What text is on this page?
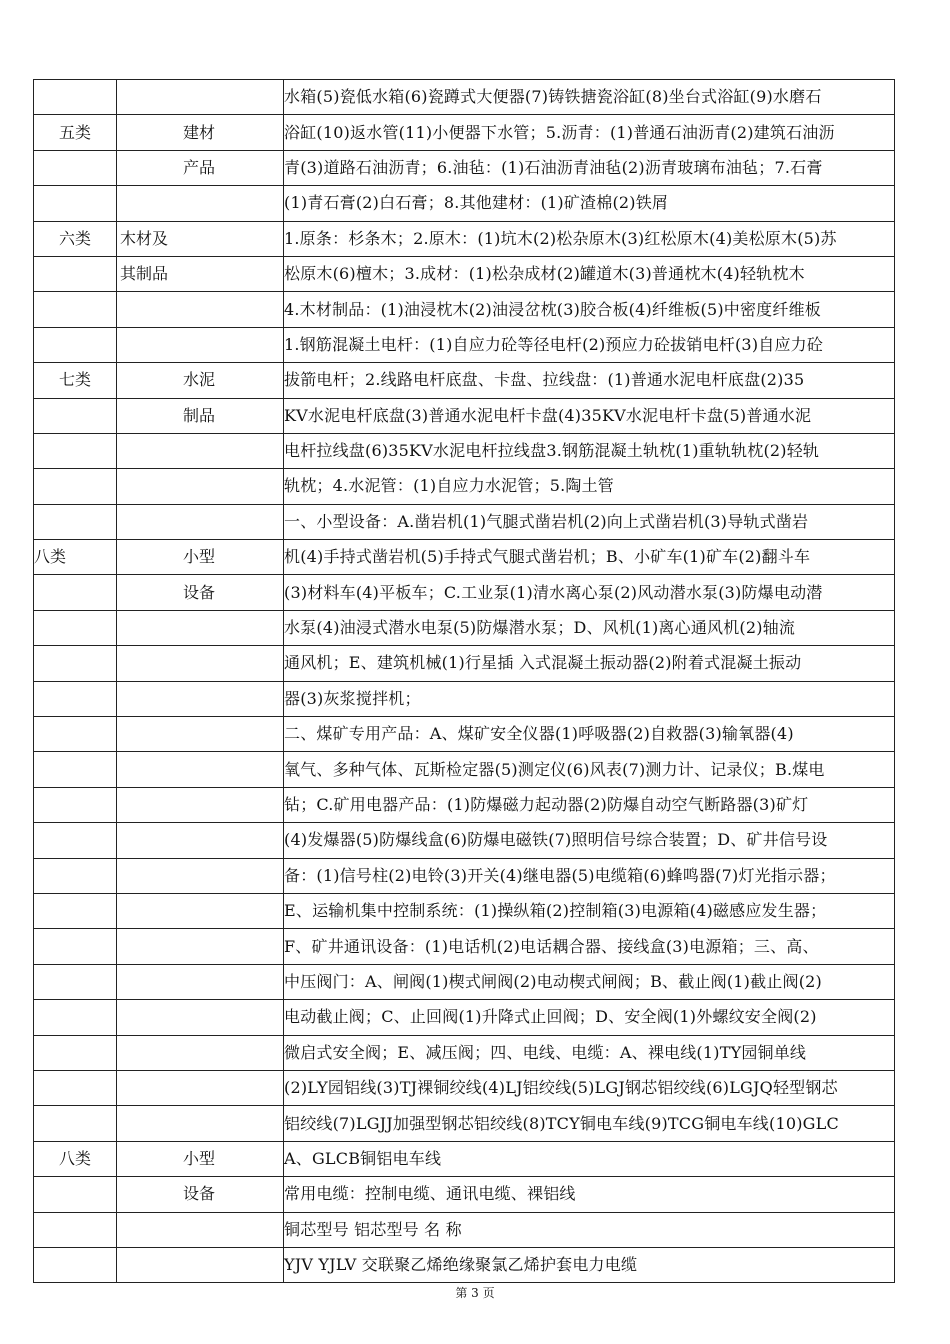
		水箱(5)瓷低水箱(6)瓷蹲式大便器(7)铸铁搪瓷浴缸(8)坐台式浴缸(9)水磨石
五类	建材	浴缸(10)返水管(11)小便器下水管；5.沥青：(1)普通石油沥青(2)建筑石油沥
	产品	青(3)道路石油沥青；6.油毡：(1)石油沥青油毡(2)沥青玻璃布油毡；7.石膏
		(1)青石膏(2)白石膏；8.其他建材：(1)矿渣棉(2)铁屑
六类	木材及	1.原条：杉条木；2.原木：(1)坑木(2)松杂原木(3)红松原木(4)美松原木(5)苏
	其制品	松原木(6)檀木；3.成材：(1)松杂成材(2)罐道木(3)普通枕木(4)轻轨枕木
		4.木材制品：(1)油浸枕木(2)油浸岔枕(3)胶合板(4)纤维板(5)中密度纤维板
		1.钢筋混凝土电杆：(1)自应力砼等径电杆(2)预应力砼拔销电杆(3)自应力砼
七类	水泥	拔箭电杆；2.线路电杆底盘、卡盘、拉线盘：(1)普通水泥电杆底盘(2)35
	制品	KV水泥电杆底盘(3)普通水泥电杆卡盘(4)35KV水泥电杆卡盘(5)普通水泥
		电杆拉线盘(6)35KV水泥电杆拉线盘3.钢筋混凝土轨枕(1)重轨轨枕(2)轻轨
		轨枕；4.水泥管：(1)自应力水泥管；5.陶土管
		一、小型设备：A.凿岩机(1)气腿式凿岩机(2)向上式凿岩机(3)导轨式凿岩
八类	小型	机(4)手持式凿岩机(5)手持式气腿式凿岩机；B、小矿车(1)矿车(2)翻斗车
	设备	(3)材料车(4)平板车；C.工业泵(1)清水离心泵(2)风动潜水泵(3)防爆电动潜
		水泵(4)油浸式潜水电泵(5)防爆潜水泵；D、风机(1)离心通风机(2)轴流
		通风机；E、建筑机械(1)行星插 入式混凝土振动器(2)附着式混凝土振动
		器(3)灰浆搅拌机；
		二、煤矿专用产品：A、煤矿安全仪器(1)呼吸器(2)自救器(3)输氧器(4)
		氧气、多种气体、瓦斯检定器(5)测定仪(6)风表(7)测力计、记录仪；B.煤电
		钻；C.矿用电器产品：(1)防爆磁力起动器(2)防爆自动空气断路器(3)矿灯
		(4)发爆器(5)防爆线盒(6)防爆电磁铁(7)照明信号综合装置；D、矿井信号设
		备：(1)信号柱(2)电铃(3)开关(4)继电器(5)电缆箱(6)蜂鸣器(7)灯光指示器；
		E、运输机集中控制系统：(1)操纵箱(2)控制箱(3)电源箱(4)磁感应发生器；
		F、矿井通讯设备：(1)电话机(2)电话耦合器、接线盒(3)电源箱；三、高、
		中压阀门：A、闸阀(1)楔式闸阀(2)电动楔式闸阀；B、截止阀(1)截止阀(2)
		电动截止阀；C、止回阀(1)升降式止回阀；D、安全阀(1)外螺纹安全阀(2)
		微启式安全阀；E、减压阀；四、电线、电缆：A、裸电线(1)TY园铜单线
		(2)LY园铝线(3)TJ裸铜绞线(4)LJ铝绞线(5)LGJ钢芯铝绞线(6)LGJQ轻型钢芯
		铝绞线(7)LGJJ加强型钢芯铝绞线(8)TCY铜电车线(9)TCG铜电车线(10)GLC
八类	小型	A、GLCB铜铝电车线
	设备	常用电缆：控制电缆、通讯电缆、裸铝线
		铜芯型号 铝芯型号 名 称
		YJV YJLV 交联聚乙烯绝缘聚氯乙烯护套电力电缆
第 3 页
